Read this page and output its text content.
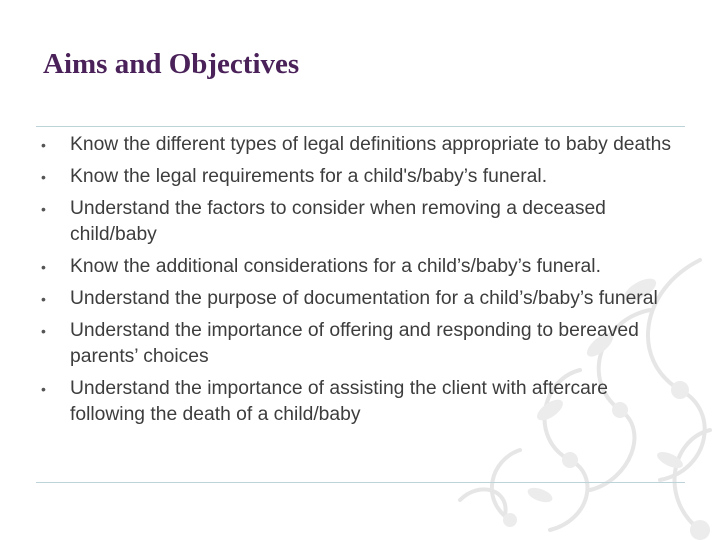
Aims and Objectives
• Know the different types of legal definitions appropriate to baby deaths
• Know the legal requirements for a child's/baby’s funeral.
• Understand the factors to consider when removing a deceased child/baby
• Know the additional considerations for a child’s/baby’s funeral.
• Understand the purpose of documentation for a child’s/baby’s funeral
• Understand the importance of offering and responding to bereaved parents’ choices
• Understand the importance of assisting the client with aftercare following the death of a child/baby
